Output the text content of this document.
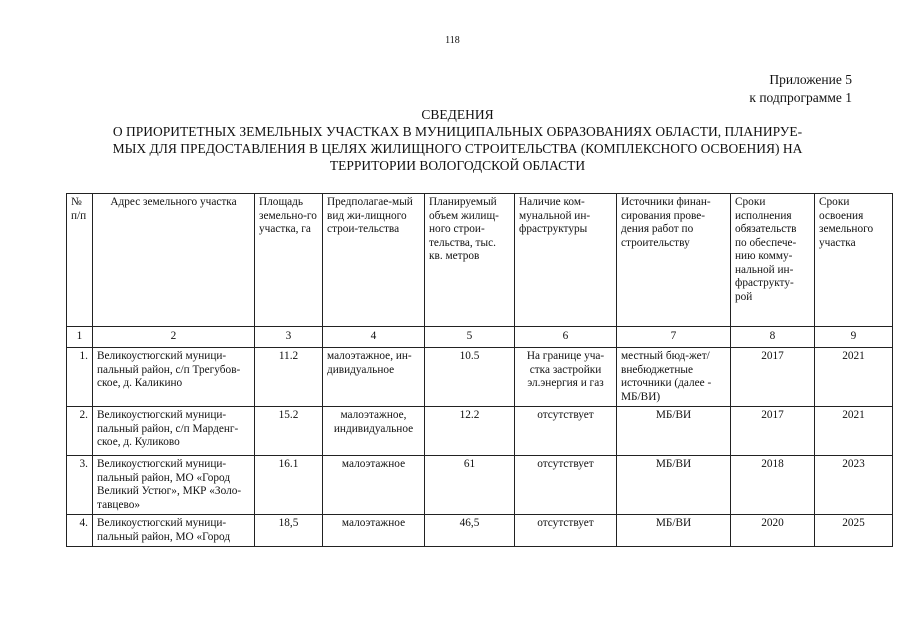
118
Приложение 5
к подпрограмме 1
СВЕДЕНИЯ
О ПРИОРИТЕТНЫХ ЗЕМЕЛЬНЫХ УЧАСТКАХ В МУНИЦИПАЛЬНЫХ ОБРАЗОВАНИЯХ ОБЛАСТИ, ПЛАНИРУЕ-
МЫХ ДЛЯ ПРЕДОСТАВЛЕНИЯ В ЦЕЛЯХ ЖИЛИЩНОГО СТРОИТЕЛЬСТВА (КОМПЛЕКСНОГО ОСВОЕНИЯ) НА
ТЕРРИТОРИИ ВОЛОГОДСКОЙ ОБЛАСТИ
№ п/п	Адрес земельного участка	Площадь земельно-го участка, га	Предполагае-мый вид жи-лищного строи-тельства	Планируемый объем жилищ-ного строи-тельства, тыс. кв. метров	Наличие ком-мунальной ин-фраструктуры	Источники финан-сирования прове-дения работ по строительству	Сроки исполнения обязательств по обеспече-нию комму-нальной ин-фраструкту-рой	Сроки освоения земельного участка
1	2	3	4	5	6	7	8	9
1.	Великоустюгский муници-пальный район, с/п Трегубов-ское, д. Каликино	11.2	малоэтажное, ин-дивидуальное	10.5	На границе уча-стка застройки эл.энергия и газ	местный бюд-жет/внебюджетные источники (далее - МБ/ВИ)	2017	2021
2.	Великоустюгский муници-пальный район, с/п Марденг-ское, д. Куликово	15.2	малоэтажное, индивидуальное	12.2	отсутствует	МБ/ВИ	2017	2021
3.	Великоустюгский муници-пальный район, МО «Город Великий Устюг», МКР «Золо-тавцево»	16.1	малоэтажное	61	отсутствует	МБ/ВИ	2018	2023
4.	Великоустюгский муници-пальный район, МО «Город	18,5	малоэтажное	46,5	отсутствует	МБ/ВИ	2020	2025
